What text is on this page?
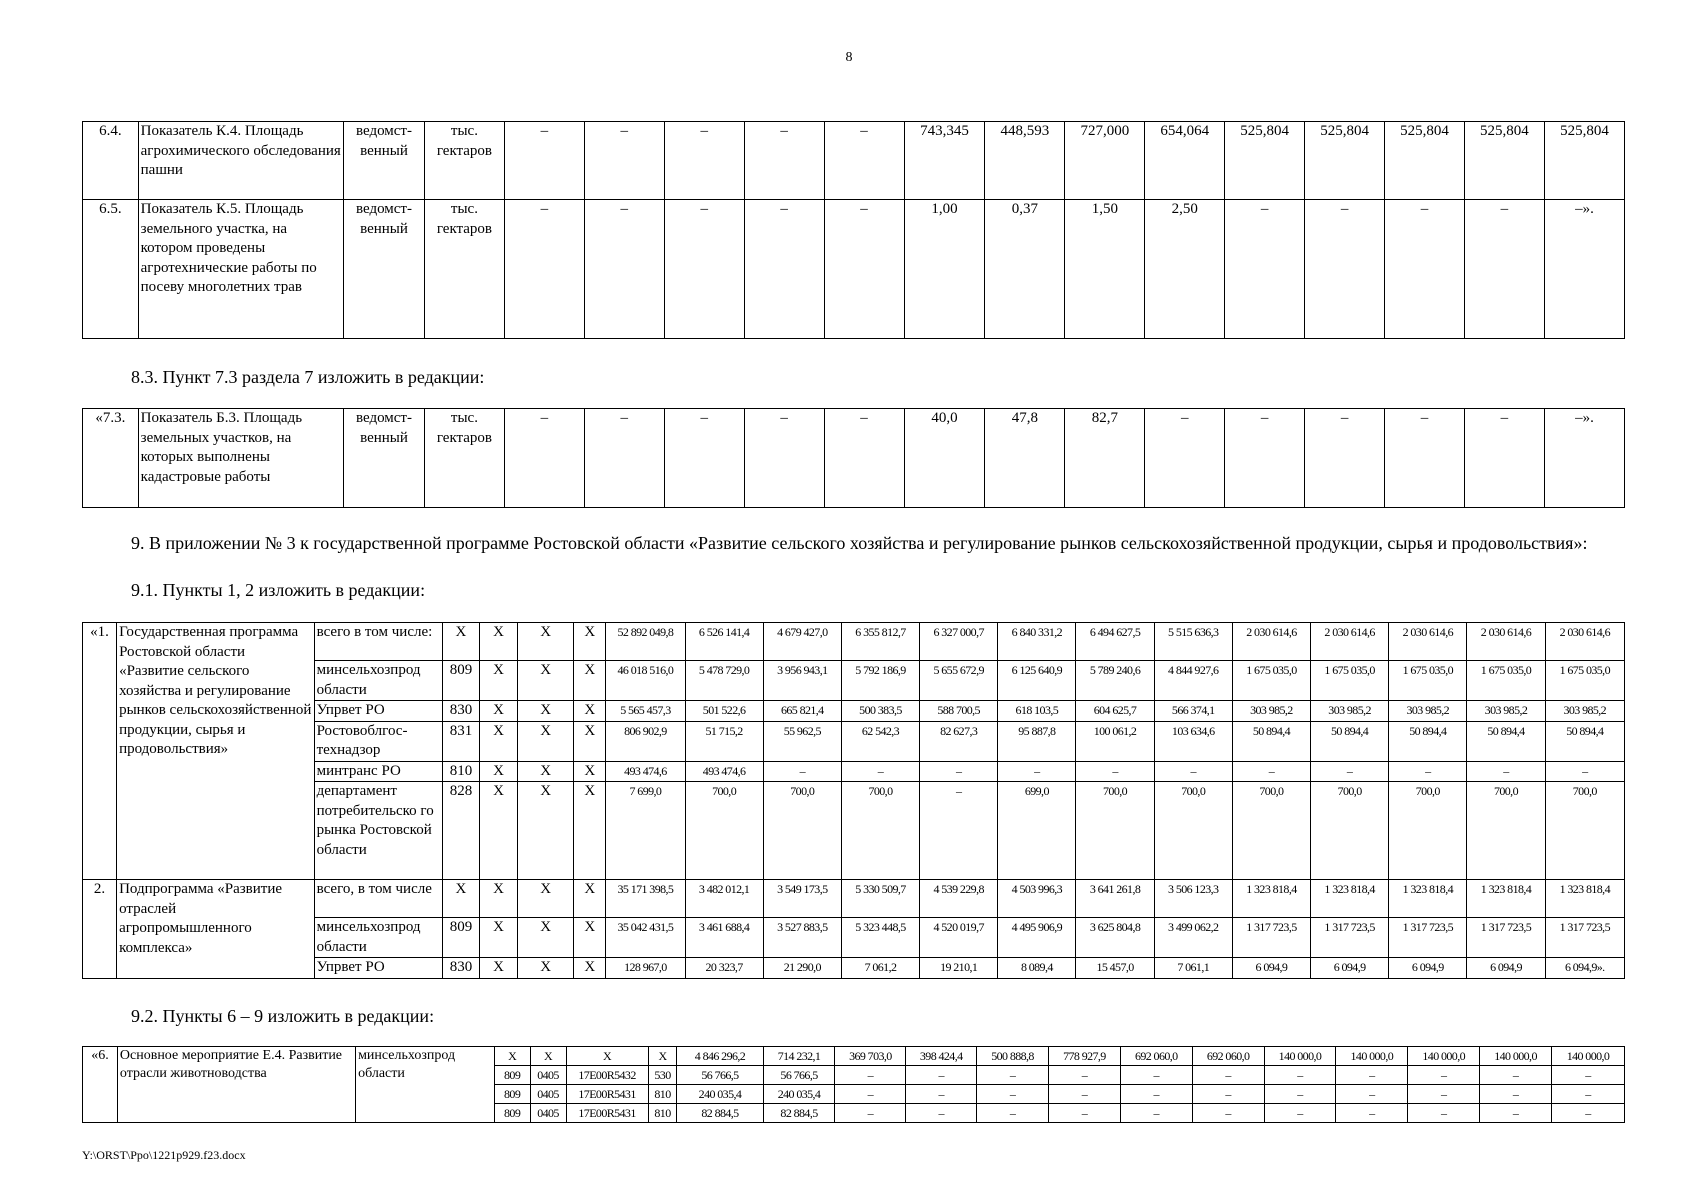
8
6.4.	Показатель К.4. Площадь агрохимического обследования пашни	ведомст-венный	тыс. гектаров	–	–	–	–	–	743,345	448,593	727,000	654,064	525,804	525,804	525,804	525,804	525,804
6.5.	Показатель К.5. Площадь земельного участка, на котором проведены агротехнические работы по посеву многолетних трав	ведомст-венный	тыс. гектаров	–	–	–	–	–	1,00	0,37	1,50	2,50	–	–	–	–	–».
8.3. Пункт 7.3 раздела 7 изложить в редакции:
«7.3.	Показатель Б.3. Площадь земельных участков, на которых выполнены кадастровые работы	ведомст-венный	тыс. гектаров	–	–	–	–	–	40,0	47,8	82,7	–	–	–	–	–	–».
9. В приложении № 3 к государственной программе Ростовской области «Развитие сельского хозяйства и регулирование рынков сельскохозяйственной продукции, сырья и продовольствия»:
9.1. Пункты 1, 2 изложить в редакции:
«1.	Государственная программа Ростовской области «Развитие сельского хозяйства и регулирование рынков сельскохозяйственной продукции, сырья и продовольствия»	всего в том числе:	Х	Х	Х	Х	52 892 049,8	6 526 141,4	4 679 427,0	6 355 812,7	6 327 000,7	6 840 331,2	6 494 627,5	5 515 636,3	2 030 614,6	2 030 614,6	2 030 614,6	2 030 614,6	2 030 614,6
		минсельхозпрод области	809	Х	Х	Х	46 018 516,0	5 478 729,0	3 956 943,1	5 792 186,9	5 655 672,9	6 125 640,9	5 789 240,6	4 844 927,6	1 675 035,0	1 675 035,0	1 675 035,0	1 675 035,0	1 675 035,0
		Упрвет РО	830	Х	Х	Х	5 565 457,3	501 522,6	665 821,4	500 383,5	588 700,5	618 103,5	604 625,7	566 374,1	303 985,2	303 985,2	303 985,2	303 985,2	303 985,2
		Ростовоблгос-технадзор	831	Х	Х	Х	806 902,9	51 715,2	55 962,5	62 542,3	82 627,3	95 887,8	100 061,2	103 634,6	50 894,4	50 894,4	50 894,4	50 894,4	50 894,4
		минтранс РО	810	Х	Х	Х	493 474,6	493 474,6	–	–	–	–	–	–	–	–	–	–	–
		департамент потребительско го рынка Ростовской области	828	Х	Х	Х	7 699,0	700,0	700,0	700,0	–	699,0	700,0	700,0	700,0	700,0	700,0	700,0	700,0
2.	Подпрограмма «Развитие отраслей агропромышленного комплекса»	всего, в том числе	Х	Х	Х	Х	35 171 398,5	3 482 012,1	3 549 173,5	5 330 509,7	4 539 229,8	4 503 996,3	3 641 261,8	3 506 123,3	1 323 818,4	1 323 818,4	1 323 818,4	1 323 818,4	1 323 818,4
		минсельхозпрод области	809	Х	Х	Х	35 042 431,5	3 461 688,4	3 527 883,5	5 323 448,5	4 520 019,7	4 495 906,9	3 625 804,8	3 499 062,2	1 317 723,5	1 317 723,5	1 317 723,5	1 317 723,5	1 317 723,5
		Упрвет РО	830	Х	Х	Х	128 967,0	20 323,7	21 290,0	7 061,2	19 210,1	8 089,4	15 457,0	7 061,1	6 094,9	6 094,9	6 094,9	6 094,9	6 094,9».
9.2. Пункты 6 – 9 изложить в редакции:
«6.	Основное мероприятие Е.4. Развитие отрасли животноводства	минсельхозпрод области	Х	Х	Х	Х	4 846 296,2	714 232,1	369 703,0	398 424,4	500 888,8	778 927,9	692 060,0	692 060,0	140 000,0	140 000,0	140 000,0	140 000,0	140 000,0
			809	0405	17Е00R5432	530	56 766,5	56 766,5	–	–	–	–	–	–	–	–	–	–	–
			809	0405	17Е00R5431	810	240 035,4	240 035,4	–	–	–	–	–	–	–	–	–	–	–
			809	0405	17Е00R5431	810	82 884,5	82 884,5	–	–	–	–	–	–	–	–	–	–	–
Y:\ORST\Ppo\1221p929.f23.docx
